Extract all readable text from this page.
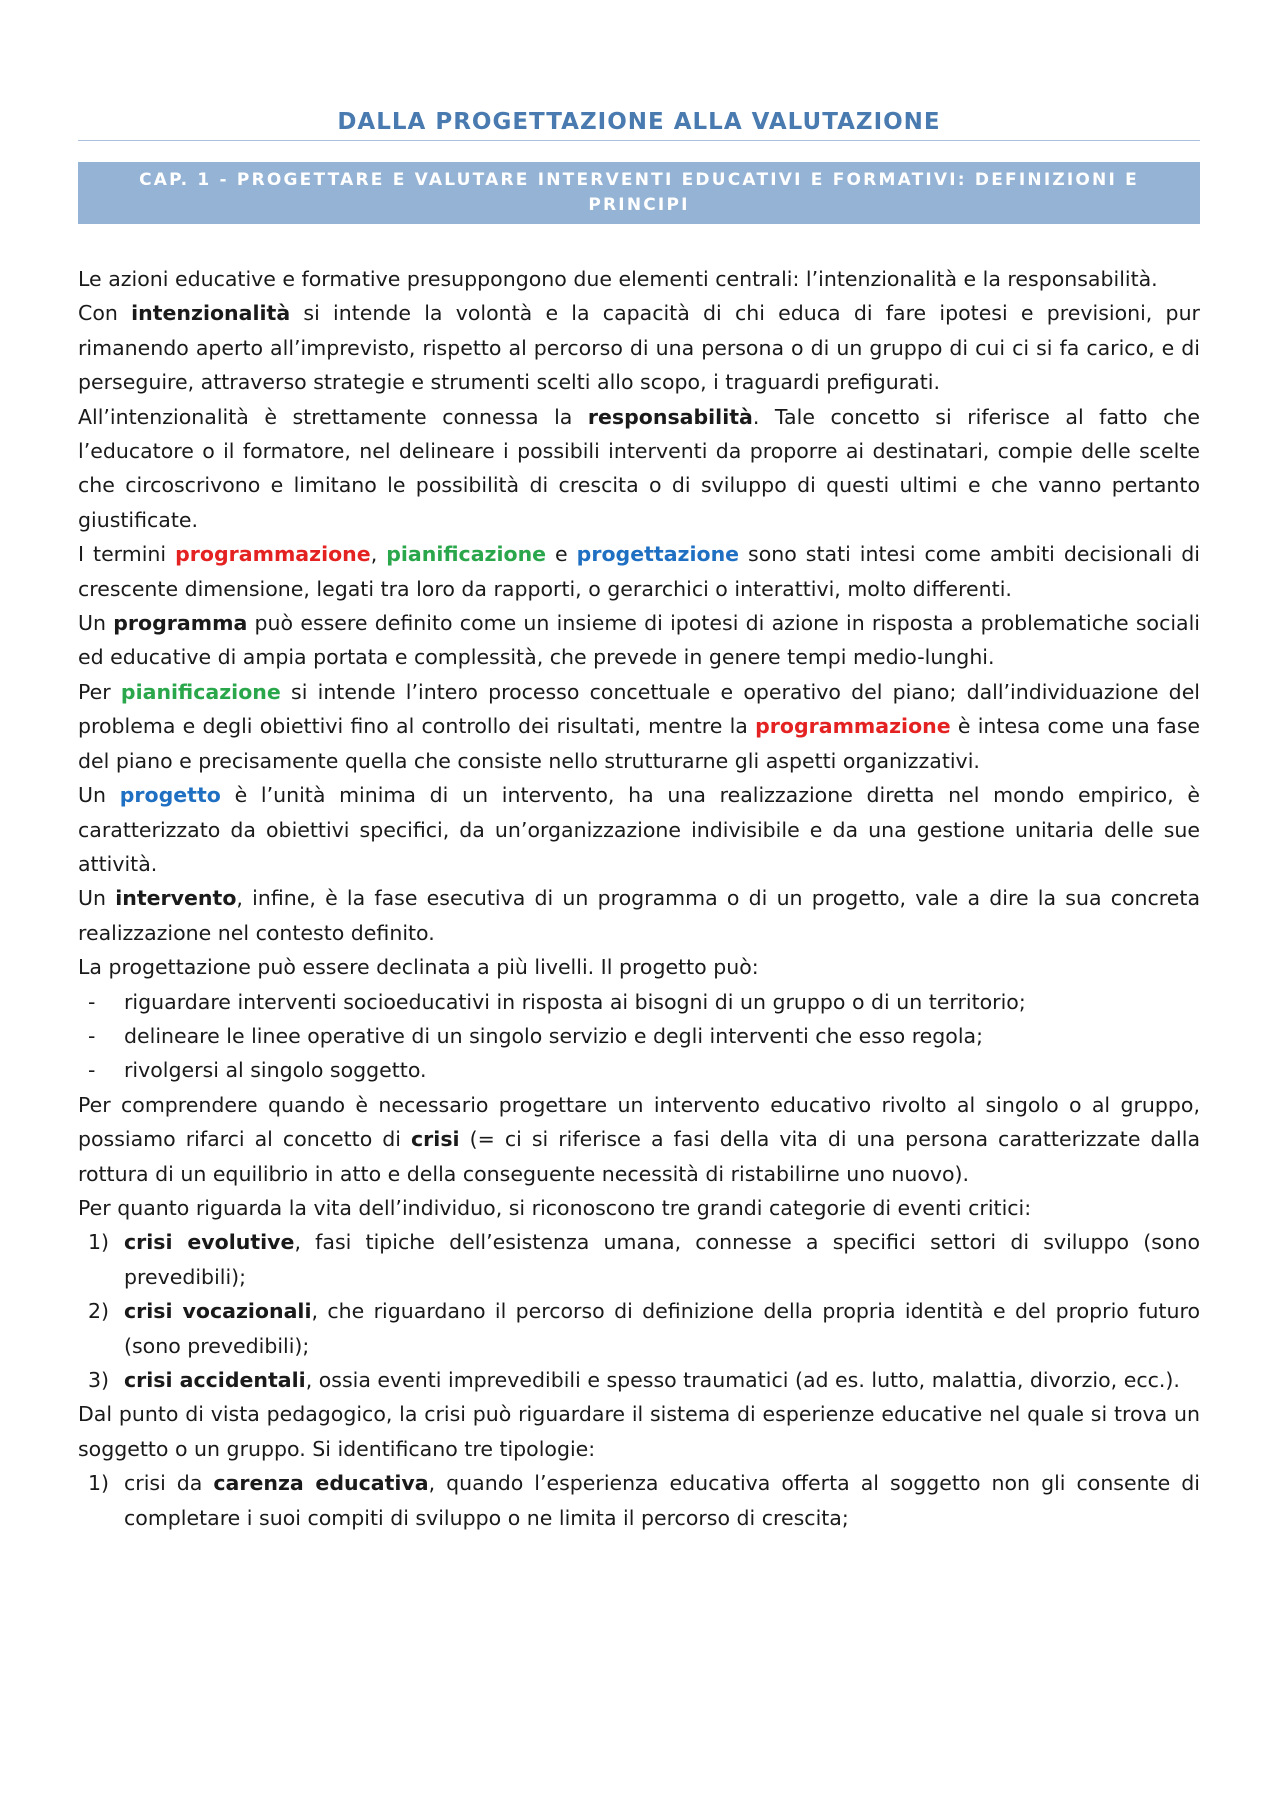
DALLA PROGETTAZIONE ALLA VALUTAZIONE
CAP. 1 - PROGETTARE E VALUTARE INTERVENTI EDUCATIVI E FORMATIVI: DEFINIZIONI E
PRINCIPI

Le azioni educative e formative presuppongono due elementi centrali: l’intenzionalità e la responsabilità.

Con intenzionalità si intende la volontà e la capacità di chi educa di fare ipotesi e previsioni, pur rimanendo aperto all’imprevisto, rispetto al percorso di una persona o di un gruppo di cui ci si fa carico, e di perseguire, attraverso strategie e strumenti scelti allo scopo, i traguardi prefigurati.

All’intenzionalità è strettamente connessa la responsabilità. Tale concetto si riferisce al fatto che l’educatore o il formatore, nel delineare i possibili interventi da proporre ai destinatari, compie delle scelte che circoscrivono e limitano le possibilità di crescita o di sviluppo di questi ultimi e che vanno pertanto giustificate.

I termini programmazione, pianificazione e progettazione sono stati intesi come ambiti decisionali di crescente dimensione, legati tra loro da rapporti, o gerarchici o interattivi, molto differenti.

Un programma può essere definito come un insieme di ipotesi di azione in risposta a problematiche sociali ed educative di ampia portata e complessità, che prevede in genere tempi medio-lunghi.

Per pianificazione si intende l’intero processo concettuale e operativo del piano; dall’individuazione del problema e degli obiettivi fino al controllo dei risultati, mentre la programmazione è intesa come una fase del piano e precisamente quella che consiste nello strutturarne gli aspetti organizzativi.

Un progetto è l’unità minima di un intervento, ha una realizzazione diretta nel mondo empirico, è caratterizzato da obiettivi specifici, da un’organizzazione indivisibile e da una gestione unitaria delle sue attività.

Un intervento, infine, è la fase esecutiva di un programma o di un progetto, vale a dire la sua concreta realizzazione nel contesto definito.

La progettazione può essere declinata a più livelli. Il progetto può:

-	riguardare interventi socioeducativi in risposta ai bisogni di un gruppo o di un territorio;
-	delineare le linee operative di un singolo servizio e degli interventi che esso regola;
-	rivolgersi al singolo soggetto.

Per comprendere quando è necessario progettare un intervento educativo rivolto al singolo o al gruppo, possiamo rifarci al concetto di crisi (= ci si riferisce a fasi della vita di una persona caratterizzate dalla rottura di un equilibrio in atto e della conseguente necessità di ristabilirne uno nuovo).

Per quanto riguarda la vita dell’individuo, si riconoscono tre grandi categorie di eventi critici:

1) crisi evolutive, fasi tipiche dell’esistenza umana, connesse a specifici settori di sviluppo (sono prevedibili);
2) crisi vocazionali, che riguardano il percorso di definizione della propria identità e del proprio futuro (sono prevedibili);
3) crisi accidentali, ossia eventi imprevedibili e spesso traumatici (ad es. lutto, malattia, divorzio, ecc.).

Dal punto di vista pedagogico, la crisi può riguardare il sistema di esperienze educative nel quale si trova un soggetto o un gruppo. Si identificano tre tipologie:

1) crisi da carenza educativa, quando l’esperienza educativa offerta al soggetto non gli consente di completare i suoi compiti di sviluppo o ne limita il percorso di crescita;
